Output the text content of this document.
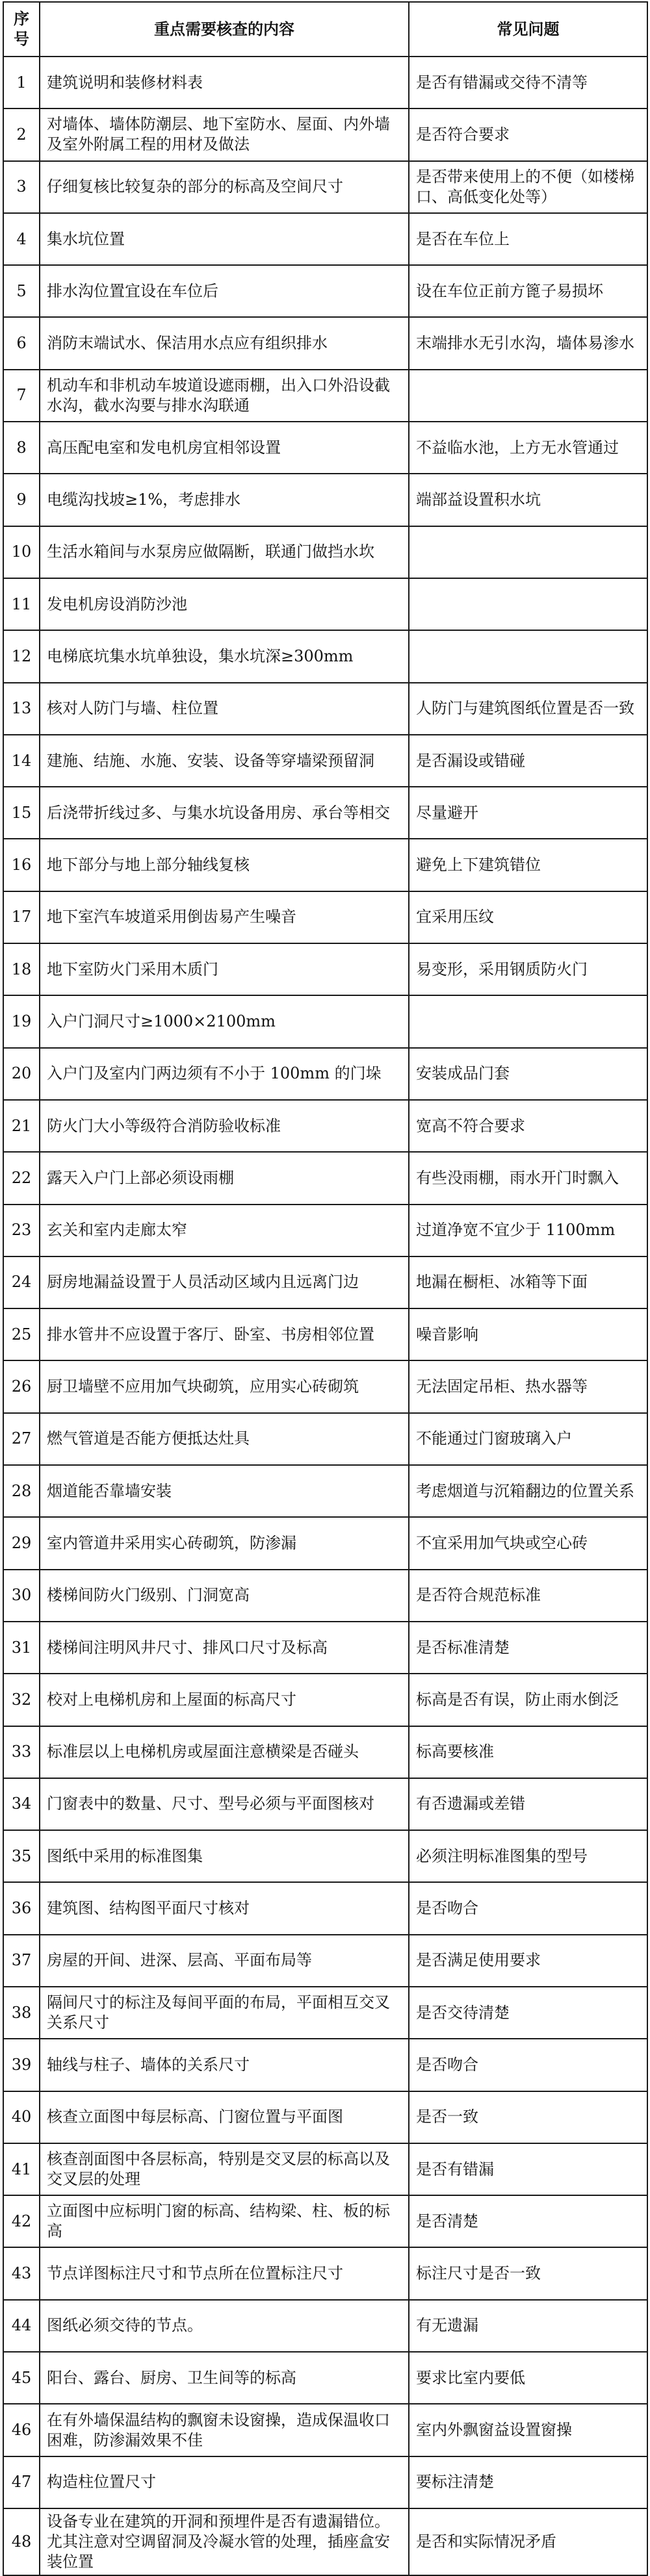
序号	重点需要核查的内容	常见问题
1	建筑说明和装修材料表	是否有错漏或交待不清等
2	对墙体、墙体防潮层、地下室防水、屋面、内外墙及室外附属工程的用材及做法	是否符合要求
3	仔细复核比较复杂的部分的标高及空间尺寸	是否带来使用上的不便（如楼梯口、高低变化处等）
4	集水坑位置	是否在车位上
5	排水沟位置宜设在车位后	设在车位正前方篦子易损坏
6	消防末端试水、保洁用水点应有组织排水	末端排水无引水沟，墙体易渗水
7	机动车和非机动车坡道设遮雨棚，出入口外沿设截水沟，截水沟要与排水沟联通	
8	高压配电室和发电机房宜相邻设置	不益临水池，上方无水管通过
9	电缆沟找坡≥1%，考虑排水	端部益设置积水坑
10	生活水箱间与水泵房应做隔断，联通门做挡水坎	
11	发电机房设消防沙池	
12	电梯底坑集水坑单独设，集水坑深≥300mm	
13	核对人防门与墙、柱位置	人防门与建筑图纸位置是否一致
14	建施、结施、水施、安装、设备等穿墙梁预留洞	是否漏设或错碰
15	后浇带折线过多、与集水坑设备用房、承台等相交	尽量避开
16	地下部分与地上部分轴线复核	避免上下建筑错位
17	地下室汽车坡道采用倒齿易产生噪音	宜采用压纹
18	地下室防火门采用木质门	易变形，采用钢质防火门
19	入户门洞尺寸≥1000×2100mm	
20	入户门及室内门两边须有不小于 100mm 的门垛	安装成品门套
21	防火门大小等级符合消防验收标准	宽高不符合要求
22	露天入户门上部必须设雨棚	有些没雨棚，雨水开门时飘入
23	玄关和室内走廊太窄	过道净宽不宜少于 1100mm
24	厨房地漏益设置于人员活动区域内且远离门边	地漏在橱柜、冰箱等下面
25	排水管井不应设置于客厅、卧室、书房相邻位置	噪音影响
26	厨卫墙壁不应用加气块砌筑，应用实心砖砌筑	无法固定吊柜、热水器等
27	燃气管道是否能方便抵达灶具	不能通过门窗玻璃入户
28	烟道能否靠墙安装	考虑烟道与沉箱翻边的位置关系
29	室内管道井采用实心砖砌筑，防渗漏	不宜采用加气块或空心砖
30	楼梯间防火门级别、门洞宽高	是否符合规范标准
31	楼梯间注明风井尺寸、排风口尺寸及标高	是否标准清楚
32	校对上电梯机房和上屋面的标高尺寸	标高是否有误，防止雨水倒泛
33	标准层以上电梯机房或屋面注意横梁是否碰头	标高要核准
34	门窗表中的数量、尺寸、型号必须与平面图核对	有否遗漏或差错
35	图纸中采用的标准图集	必须注明标准图集的型号
36	建筑图、结构图平面尺寸核对	是否吻合
37	房屋的开间、进深、层高、平面布局等	是否满足使用要求
38	隔间尺寸的标注及每间平面的布局，平面相互交叉关系尺寸	是否交待清楚
39	轴线与柱子、墙体的关系尺寸	是否吻合
40	核查立面图中每层标高、门窗位置与平面图	是否一致
41	核查剖面图中各层标高，特别是交叉层的标高以及交叉层的处理	是否有错漏
42	立面图中应标明门窗的标高、结构梁、柱、板的标高	是否清楚
43	节点详图标注尺寸和节点所在位置标注尺寸	标注尺寸是否一致
44	图纸必须交待的节点。	有无遗漏
45	阳台、露台、厨房、卫生间等的标高	要求比室内要低
46	在有外墙保温结构的飘窗未设窗操，造成保温收口困难，防渗漏效果不佳	室内外飘窗益设置窗操
47	构造柱位置尺寸	要标注清楚
48	设备专业在建筑的开洞和预埋件是否有遗漏错位。尤其注意对空调留洞及冷凝水管的处理，插座盒安装位置	是否和实际情况矛盾
